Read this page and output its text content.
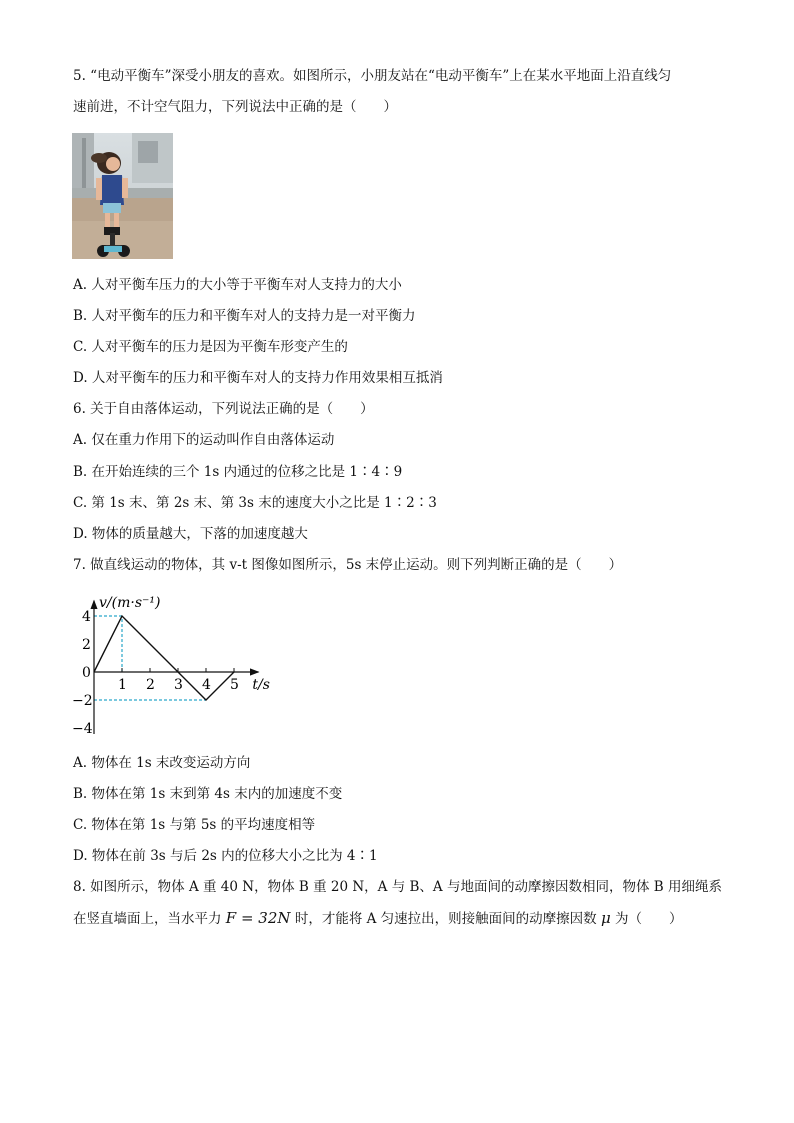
5. “电动平衡车”深受小朋友的喜欢。如图所示，小朋友站在“电动平衡车”上在某水平地面上沿直线匀
速前进，不计空气阻力，下列说法中正确的是（　　）
A. 人对平衡车压力的大小等于平衡车对人支持力的大小
B. 人对平衡车的压力和平衡车对人的支持力是一对平衡力
C. 人对平衡车的压力是因为平衡车形变产生的
D. 人对平衡车的压力和平衡车对人的支持力作用效果相互抵消
6. 关于自由落体运动，下列说法正确的是（　　）
A. 仅在重力作用下的运动叫作自由落体运动
B. 在开始连续的三个 1s 内通过的位移之比是 1∶4∶9
C. 第 1s 末、第 2s 末、第 3s 末的速度大小之比是 1∶2∶3
D. 物体的质量越大，下落的加速度越大
7. 做直线运动的物体，其 v-t 图像如图所示，5s 末停止运动。则下列判断正确的是（　　）
1 2 3 4 5
4
2
0
−2
−4
v/(m·s⁻¹)
t/s
A. 物体在 1s 末改变运动方向
B. 物体在第 1s 末到第 4s 末内的加速度不变
C. 物体在第 1s 与第 5s 的平均速度相等
D. 物体在前 3s 与后 2s 内的位移大小之比为 4∶1
8. 如图所示，物体 A 重 40 N，物体 B 重 20 N，A 与 B、A 与地面间的动摩擦因数相同，物体 B 用细绳系
在竖直墙面上，当水平力 F = 32N 时，才能将 A 匀速拉出，则接触面间的动摩擦因数 μ 为（　　）
